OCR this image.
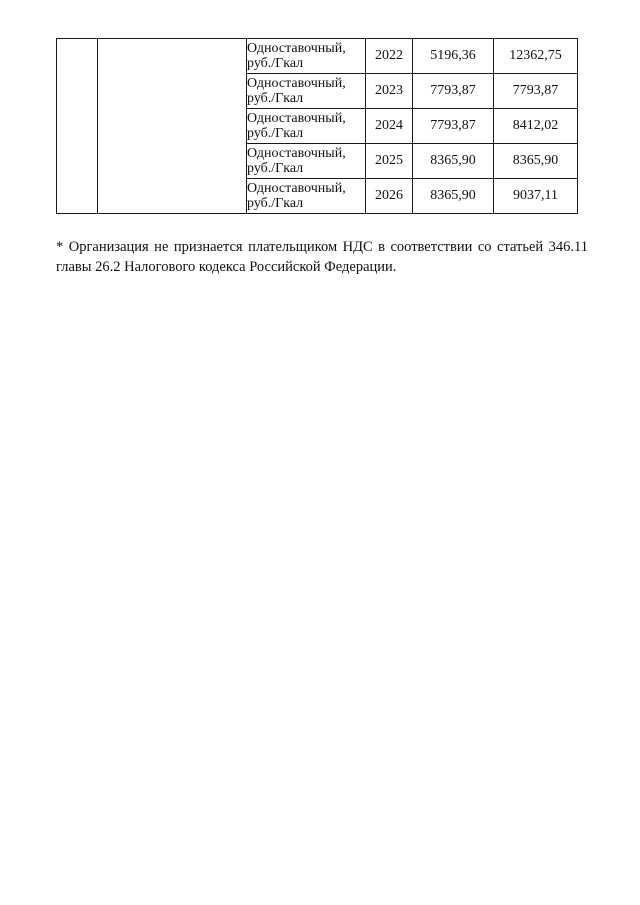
		Одноставочный,
руб./Гкал	2022	5196,36	12362,75

		Одноставочный,
руб./Гкал	2023	7793,87	7793,87

		Одноставочный,
руб./Гкал	2024	7793,87	8412,02

		Одноставочный,
руб./Гкал	2025	8365,90	8365,90

		Одноставочный,
руб./Гкал	2026	8365,90	9037,11

* Организация не признается плательщиком НДС в соответствии со статьей 346.11 главы 26.2 Налогового кодекса Российской Федерации.
